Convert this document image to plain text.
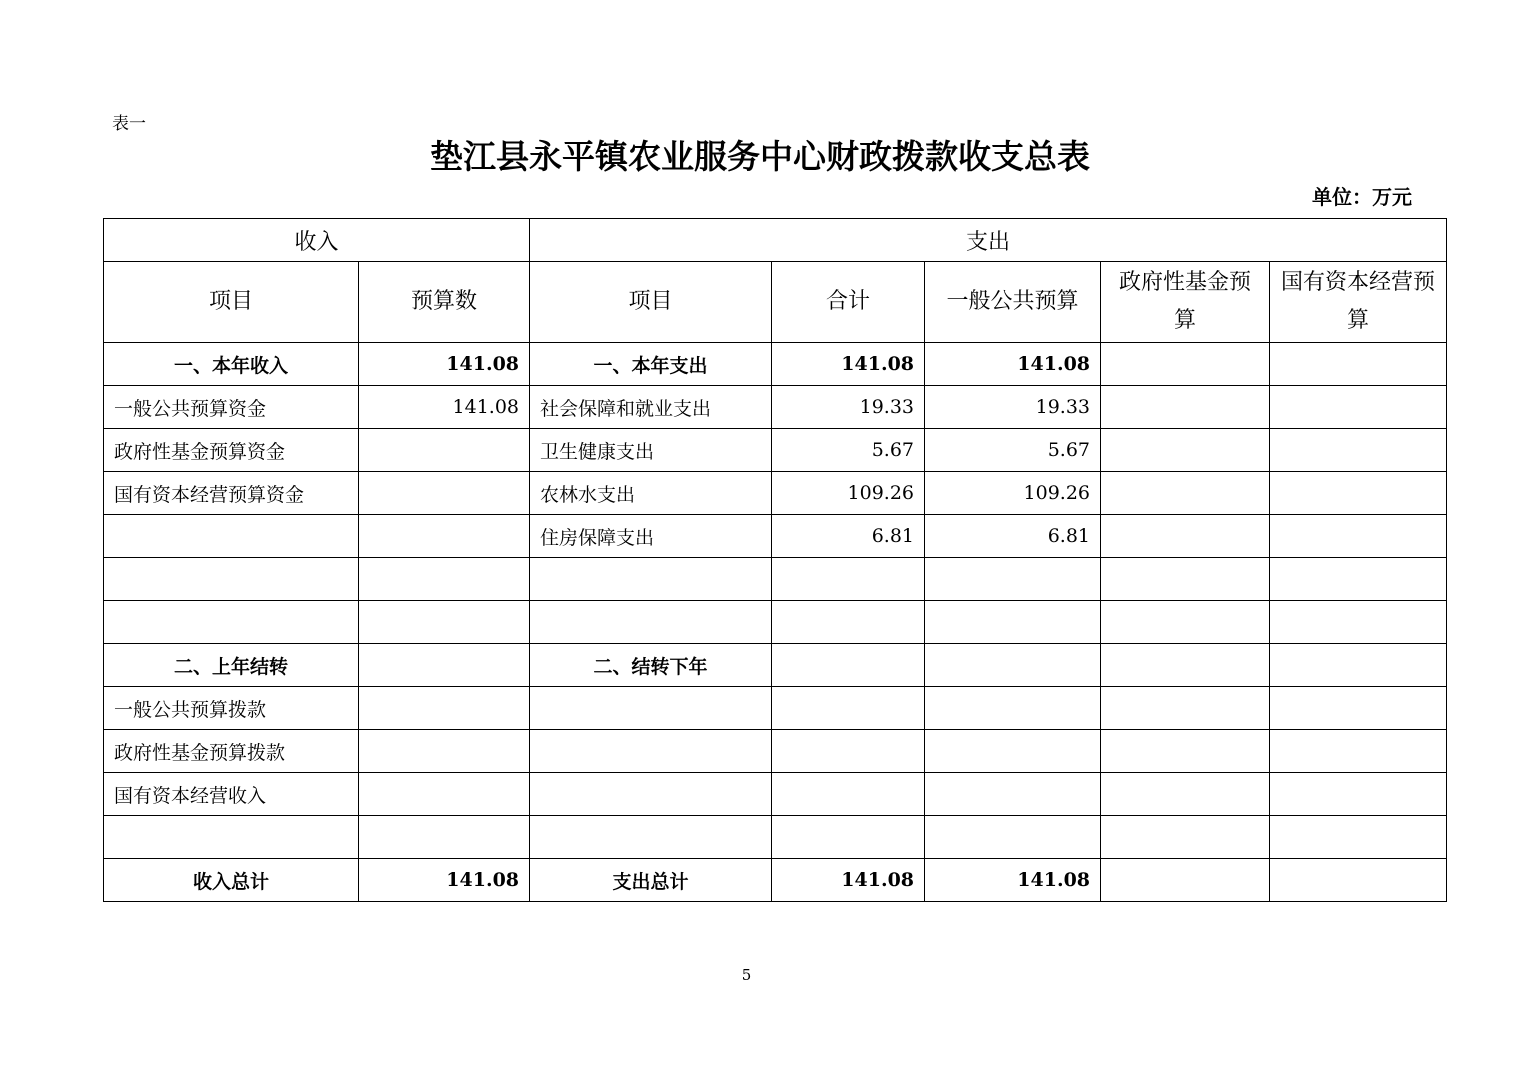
表一
垫江县永平镇农业服务中心财政拨款收支总表
单位：万元
收入		支出				
项目	预算数	项目	合计	一般公共预算	政府性基金预算	国有资本经营预算
一、本年收入	141.08	一、本年支出	141.08	141.08		
一般公共预算资金	141.08	社会保障和就业支出	19.33	19.33		
政府性基金预算资金		卫生健康支出	5.67	5.67		
国有资本经营预算资金		农林水支出	109.26	109.26		
		住房保障支出	6.81	6.81		

二、上年结转		二、结转下年				
一般公共预算拨款						
政府性基金预算拨款						
国有资本经营收入						

收入总计	141.08	支出总计	141.08	141.08		
5
